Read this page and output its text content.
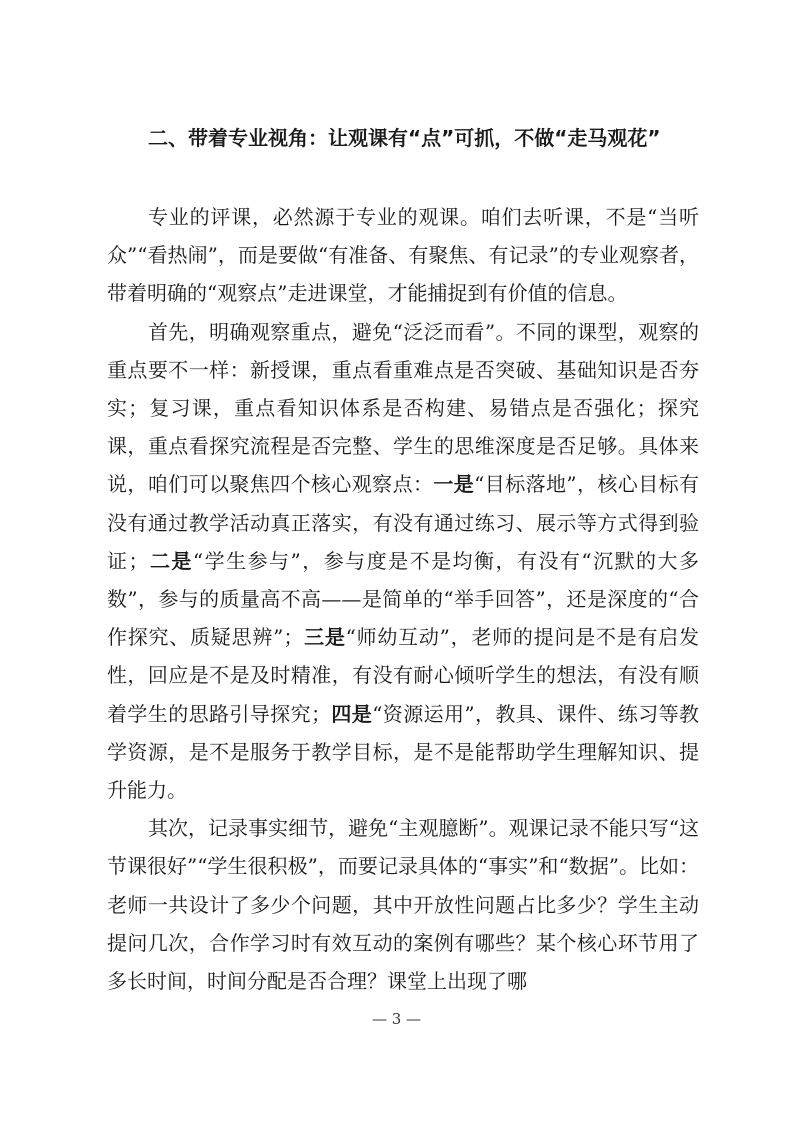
二、带着专业视角：让观课有“点”可抓，不做“走马观花”

专业的评课，必然源于专业的观课。咱们去听课，不是“当听众”“看热闹”，而是要做“有准备、有聚焦、有记录”的专业观察者，带着明确的“观察点”走进课堂，才能捕捉到有价值的信息。

首先，明确观察重点，避免“泛泛而看”。不同的课型，观察的重点要不一样：新授课，重点看重难点是否突破、基础知识是否夯实；复习课，重点看知识体系是否构建、易错点是否强化；探究课，重点看探究流程是否完整、学生的思维深度是否足够。具体来说，咱们可以聚焦四个核心观察点：一是“目标落地”，核心目标有没有通过教学活动真正落实，有没有通过练习、展示等方式得到验证；二是“学生参与”，参与度是不是均衡，有没有“沉默的大多数”，参与的质量高不高——是简单的“举手回答”，还是深度的“合作探究、质疑思辨”；三是“师幼互动”，老师的提问是不是有启发性，回应是不是及时精准，有没有耐心倾听学生的想法，有没有顺着学生的思路引导探究；四是“资源运用”，教具、课件、练习等教学资源，是不是服务于教学目标，是不是能帮助学生理解知识、提升能力。

其次，记录事实细节，避免“主观臆断”。观课记录不能只写“这节课很好”“学生很积极”，而要记录具体的“事实”和“数据”。比如：老师一共设计了多少个问题，其中开放性问题占比多少？学生主动提问几次，合作学习时有效互动的案例有哪些？某个核心环节用了多长时间，时间分配是否合理？课堂上出现了哪

— 3 —
